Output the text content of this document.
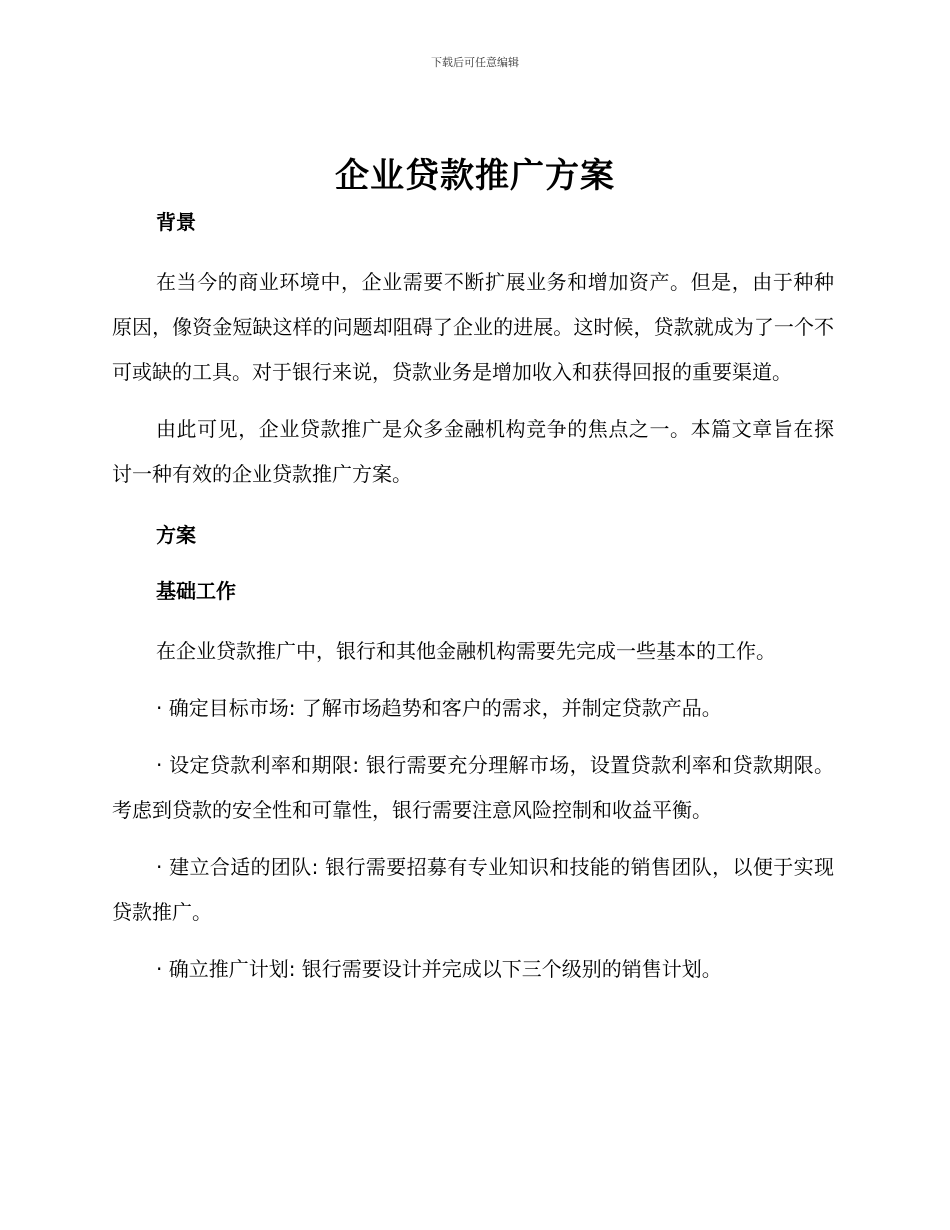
下载后可任意编辑
企业贷款推广方案

背景

在当今的商业环境中，企业需要不断扩展业务和增加资产。但是，由于种种原因，像资金短缺这样的问题却阻碍了企业的进展。这时候，贷款就成为了一个不可或缺的工具。对于银行来说，贷款业务是增加收入和获得回报的重要渠道。

由此可见，企业贷款推广是众多金融机构竞争的焦点之一。本篇文章旨在探讨一种有效的企业贷款推广方案。

方案

基础工作

在企业贷款推广中，银行和其他金融机构需要先完成一些基本的工作。

· 确定目标市场: 了解市场趋势和客户的需求，并制定贷款产品。

· 设定贷款利率和期限: 银行需要充分理解市场，设置贷款利率和贷款期限。考虑到贷款的安全性和可靠性，银行需要注意风险控制和收益平衡。

· 建立合适的团队: 银行需要招募有专业知识和技能的销售团队，以便于实现贷款推广。

· 确立推广计划: 银行需要设计并完成以下三个级别的销售计划。
